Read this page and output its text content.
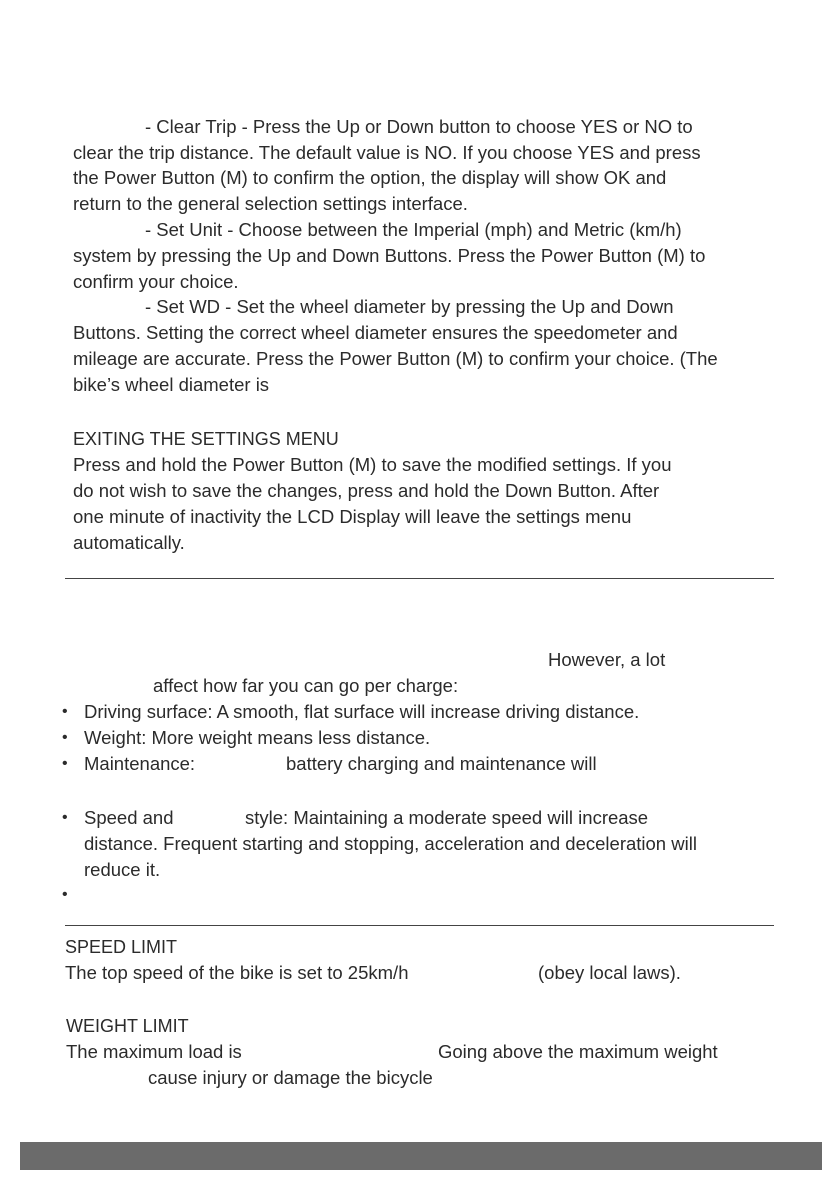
- Clear Trip - Press the Up or Down button to choose YES or NO to
clear the trip distance. The default value is NO. If you choose YES and press
the Power Button (M) to confirm the option, the display will show OK and
return to the general selection settings interface.
- Set Unit - Choose between the Imperial (mph) and Metric (km/h)
system by pressing the Up and Down Buttons. Press the Power Button (M) to
confirm your choice.
- Set WD - Set the wheel diameter by pressing the Up and Down
Buttons. Setting the correct wheel diameter ensures the speedometer and
mileage are accurate. Press the Power Button (M) to confirm your choice. (The
bike’s wheel diameter is
EXITING THE SETTINGS MENU
Press and hold the Power Button (M) to save the modified settings. If you
do not wish to save the changes, press and hold the Down Button. After
one minute of inactivity the LCD Display will leave the settings menu
automatically.
However, a lot
affect how far you can go per charge:
• Driving surface: A smooth, flat surface will increase driving distance.
• Weight: More weight means less distance.
• Maintenance:	battery charging and maintenance will
• Speed and	style: Maintaining a moderate speed will increase
distance. Frequent starting and stopping, acceleration and deceleration will
reduce it.
•
SPEED LIMIT
The top speed of the bike is set to 25km/h	(obey local laws).
WEIGHT LIMIT
The maximum load is	Going above the maximum weight
cause injury or damage the bicycle
